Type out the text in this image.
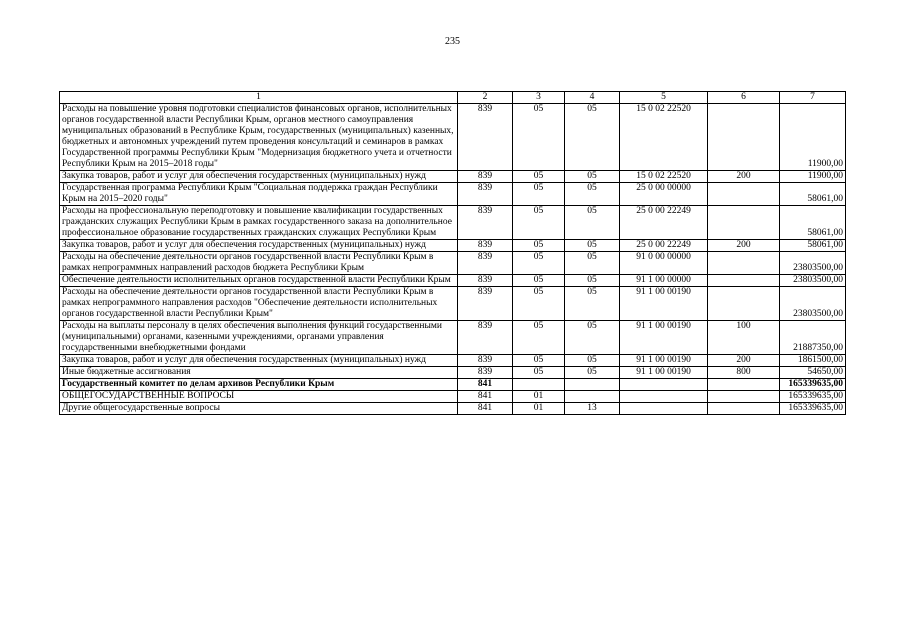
235
1	2	3	4	5	6	7
Расходы на повышение уровня подготовки специалистов финансовых органов, исполнительных органов государственной власти Республики Крым, органов местного самоуправления муниципальных образований в Республике Крым, государственных (муниципальных) казенных, бюджетных и автономных учреждений путем проведения консультаций и семинаров в рамках Государственной программы Республики Крым "Модернизация бюджетного учета и отчетности Республики Крым на 2015–2018 годы"	839	05	05	15 0 02 22520		11900,00
Закупка товаров, работ и услуг для обеспечения государственных (муниципальных) нужд	839	05	05	15 0 02 22520	200	11900,00
Государственная программа Республики Крым "Социальная поддержка граждан Республики Крым на 2015–2020 годы"	839	05	05	25 0 00 00000		58061,00
Расходы на профессиональную переподготовку и повышение квалификации государственных гражданских служащих Республики Крым в рамках государственного заказа на дополнительное профессиональное образование государственных гражданских служащих Республики Крым	839	05	05	25 0 00 22249		58061,00
Закупка товаров, работ и услуг для обеспечения государственных (муниципальных) нужд	839	05	05	25 0 00 22249	200	58061,00
Расходы на обеспечение деятельности органов государственной власти Республики Крым в рамках непрограммных направлений расходов бюджета Республики Крым	839	05	05	91 0 00 00000		23803500,00
Обеспечение деятельности исполнительных органов государственной власти Республики Крым	839	05	05	91 1 00 00000		23803500,00
Расходы на обеспечение деятельности органов государственной власти Республики Крым в рамках непрограммного направления расходов "Обеспечение деятельности исполнительных органов государственной власти Республики Крым"	839	05	05	91 1 00 00190		23803500,00
Расходы на выплаты персоналу в целях обеспечения выполнения функций государственными (муниципальными) органами, казенными учреждениями, органами управления государственными внебюджетными фондами	839	05	05	91 1 00 00190	100	21887350,00
Закупка товаров, работ и услуг для обеспечения государственных (муниципальных) нужд	839	05	05	91 1 00 00190	200	1861500,00
Иные бюджетные ассигнования	839	05	05	91 1 00 00190	800	54650,00
Государственный комитет по делам архивов Республики Крым	841					165339635,00
ОБЩЕГОСУДАРСТВЕННЫЕ ВОПРОСЫ	841	01				165339635,00
Другие общегосударственные вопросы	841	01	13			165339635,00
